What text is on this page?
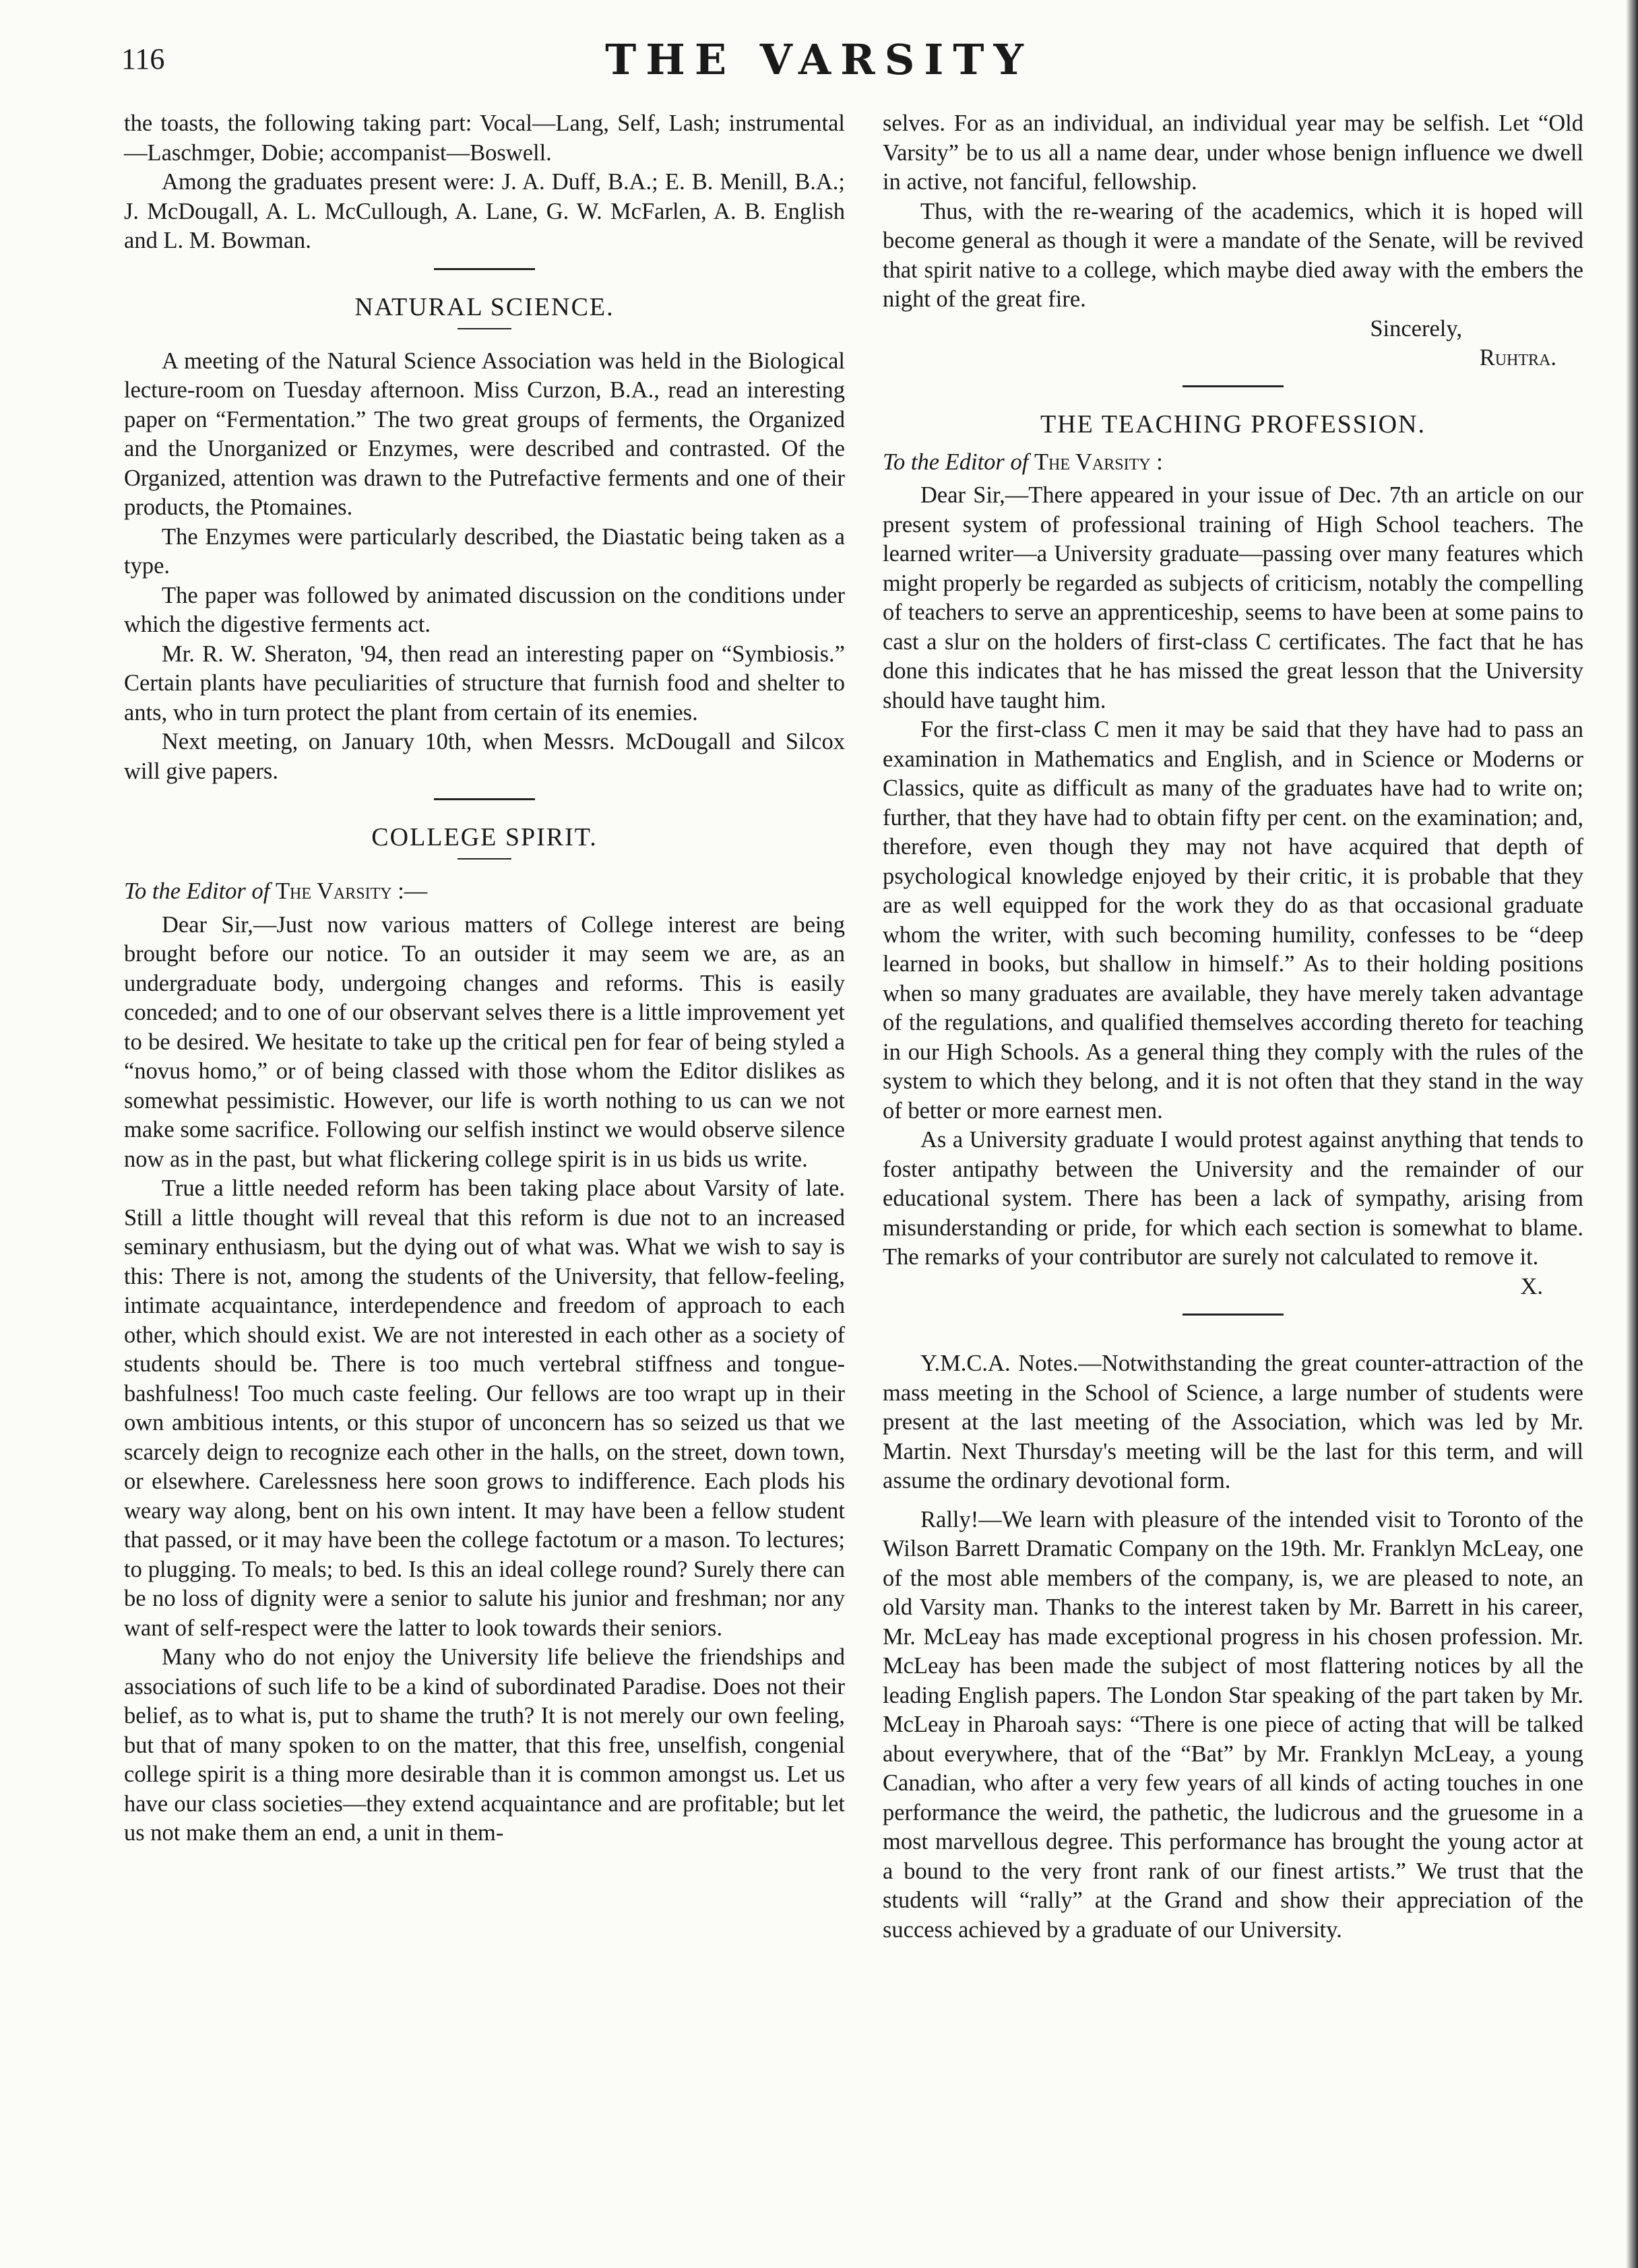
116	THE VARSITY

the toasts, the following taking part: Vocal—Lang, Self, Lash; instrumental—Laschmger, Dobie; accompanist—Boswell.

Among the graduates present were: J. A. Duff, B.A.; E. B. Menill, B.A.; J. McDougall, A. L. McCullough, A. Lane, G. W. McFarlen, A. B. English and L. M. Bowman.

NATURAL SCIENCE.

A meeting of the Natural Science Association was held in the Biological lecture-room on Tuesday afternoon. Miss Curzon, B.A., read an interesting paper on “Fermentation.” The two great groups of ferments, the Organized and the Unorganized or Enzymes, were described and contrasted. Of the Organized, attention was drawn to the Putrefactive ferments and one of their products, the Ptomaines.

The Enzymes were particularly described, the Diastatic being taken as a type.

The paper was followed by animated discussion on the conditions under which the digestive ferments act.

Mr. R. W. Sheraton, '94, then read an interesting paper on “Symbiosis.” Certain plants have peculiarities of structure that furnish food and shelter to ants, who in turn protect the plant from certain of its enemies.

Next meeting, on January 10th, when Messrs. McDougall and Silcox will give papers.

COLLEGE SPIRIT.

To the Editor of The Varsity :—

Dear Sir,—Just now various matters of College interest are being brought before our notice. To an outsider it may seem we are, as an undergraduate body, undergoing changes and reforms. This is easily conceded; and to one of our observant selves there is a little improvement yet to be desired. We hesitate to take up the critical pen for fear of being styled a “novus homo,” or of being classed with those whom the Editor dislikes as somewhat pessimistic. However, our life is worth nothing to us can we not make some sacrifice. Following our selfish instinct we would observe silence now as in the past, but what flickering college spirit is in us bids us write.

True a little needed reform has been taking place about Varsity of late. Still a little thought will reveal that this reform is due not to an increased seminary enthusiasm, but the dying out of what was. What we wish to say is this: There is not, among the students of the University, that fellow-feeling, intimate acquaintance, interdependence and freedom of approach to each other, which should exist. We are not interested in each other as a society of students should be. There is too much vertebral stiffness and tongue-bashfulness! Too much caste feeling. Our fellows are too wrapt up in their own ambitious intents, or this stupor of unconcern has so seized us that we scarcely deign to recognize each other in the halls, on the street, down town, or elsewhere. Carelessness here soon grows to indifference. Each plods his weary way along, bent on his own intent. It may have been a fellow student that passed, or it may have been the college factotum or a mason. To lectures; to plugging. To meals; to bed. Is this an ideal college round? Surely there can be no loss of dignity were a senior to salute his junior and freshman; nor any want of self-respect were the latter to look towards their seniors.

Many who do not enjoy the University life believe the friendships and associations of such life to be a kind of subordinated Paradise. Does not their belief, as to what is, put to shame the truth? It is not merely our own feeling, but that of many spoken to on the matter, that this free, unselfish, congenial college spirit is a thing more desirable than it is common amongst us. Let us have our class societies—they extend acquaintance and are profitable; but let us not make them an end, a unit in them-

selves. For as an individual, an individual year may be selfish. Let “Old Varsity” be to us all a name dear, under whose benign influence we dwell in active, not fanciful, fellowship.

Thus, with the re-wearing of the academics, which it is hoped will become general as though it were a mandate of the Senate, will be revived that spirit native to a college, which maybe died away with the embers the night of the great fire.

Sincerely,

Ruhtra.

THE TEACHING PROFESSION.

To the Editor of The Varsity :

Dear Sir,—There appeared in your issue of Dec. 7th an article on our present system of professional training of High School teachers. The learned writer—a University graduate—passing over many features which might properly be regarded as subjects of criticism, notably the compelling of teachers to serve an apprenticeship, seems to have been at some pains to cast a slur on the holders of first-class C certificates. The fact that he has done this indicates that he has missed the great lesson that the University should have taught him.

For the first-class C men it may be said that they have had to pass an examination in Mathematics and English, and in Science or Moderns or Classics, quite as difficult as many of the graduates have had to write on; further, that they have had to obtain fifty per cent. on the examination; and, therefore, even though they may not have acquired that depth of psychological knowledge enjoyed by their critic, it is probable that they are as well equipped for the work they do as that occasional graduate whom the writer, with such becoming humility, confesses to be “deep learned in books, but shallow in himself.” As to their holding positions when so many graduates are available, they have merely taken advantage of the regulations, and qualified themselves according thereto for teaching in our High Schools. As a general thing they comply with the rules of the system to which they belong, and it is not often that they stand in the way of better or more earnest men.

As a University graduate I would protest against anything that tends to foster antipathy between the University and the remainder of our educational system. There has been a lack of sympathy, arising from misunderstanding or pride, for which each section is somewhat to blame. The remarks of your contributor are surely not calculated to remove it.

X.

Y.M.C.A. Notes.—Notwithstanding the great counter-attraction of the mass meeting in the School of Science, a large number of students were present at the last meeting of the Association, which was led by Mr. Martin. Next Thursday's meeting will be the last for this term, and will assume the ordinary devotional form.

Rally!—We learn with pleasure of the intended visit to Toronto of the Wilson Barrett Dramatic Company on the 19th. Mr. Franklyn McLeay, one of the most able members of the company, is, we are pleased to note, an old Varsity man. Thanks to the interest taken by Mr. Barrett in his career, Mr. McLeay has made exceptional progress in his chosen profession. Mr. McLeay has been made the subject of most flattering notices by all the leading English papers. The London Star speaking of the part taken by Mr. McLeay in Pharoah says: “There is one piece of acting that will be talked about everywhere, that of the “Bat” by Mr. Franklyn McLeay, a young Canadian, who after a very few years of all kinds of acting touches in one performance the weird, the pathetic, the ludicrous and the gruesome in a most marvellous degree. This performance has brought the young actor at a bound to the very front rank of our finest artists.” We trust that the students will “rally” at the Grand and show their appreciation of the success achieved by a graduate of our University.
